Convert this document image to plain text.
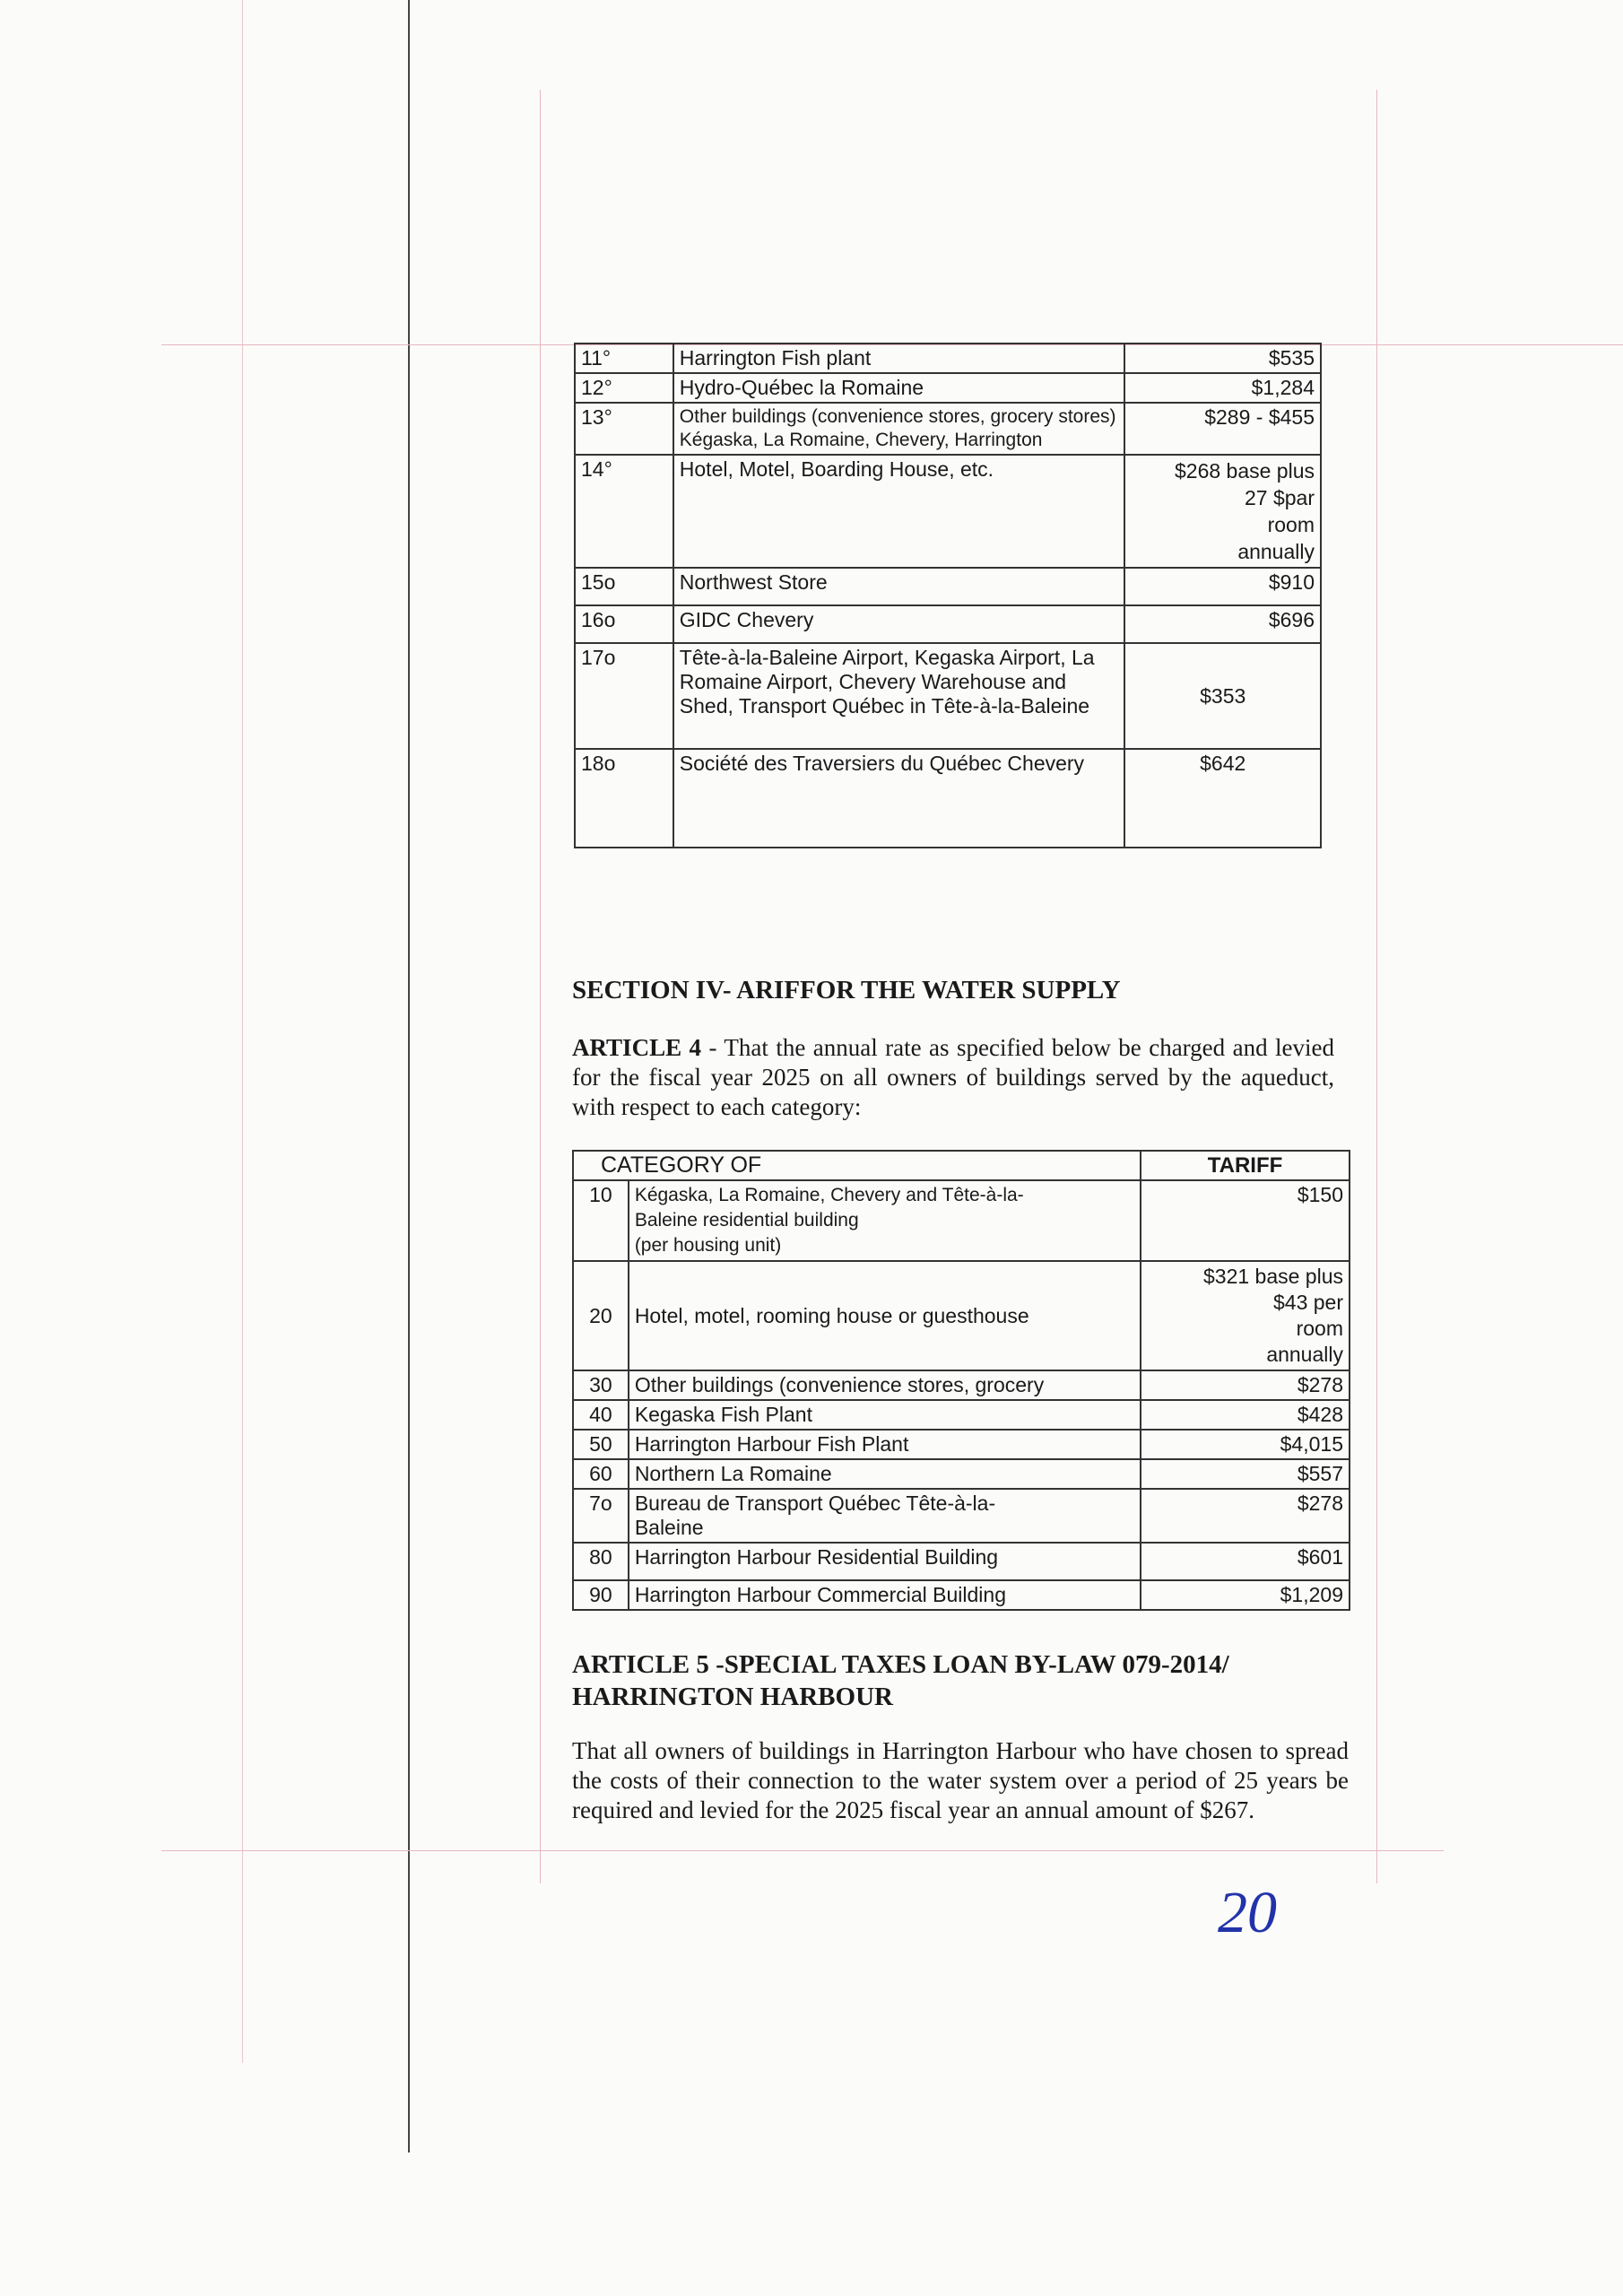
11°	Harrington Fish plant	$535
12°	Hydro-Québec la Romaine	$1,284
13°	Other buildings (convenience stores, grocery stores)
Kégaska, La Romaine, Chevery, Harrington	$289 - $455
14°	Hotel, Motel, Boarding House, etc.	$268 base plus
27 $par
room
annually

15o	Northwest Store	$910
16o	GIDC Chevery	$696
17o	Tête-à-la-Baleine Airport, Kegaska Airport, La Romaine Airport, Chevery Warehouse and Shed, Transport Québec in Tête-à-la-Baleine	$353
18o	Société des Traversiers du Québec Chevery	$642
SECTION IV- ARIFFOR THE WATER SUPPLY
ARTICLE 4 - That the annual rate as specified below be charged and levied for the fiscal year 2025 on all owners of buildings served by the aqueduct, with respect to each category:
CATEGORY OF		TARIFF
10	Kégaska, La Romaine, Chevery and Tête-à-la-Baleine residential building
(per housing unit)	$150
20	Hotel, motel, rooming house or guesthouse	$321 base plus
$43 per
room
annually

30	Other buildings (convenience stores, grocery	$278
40	Kegaska Fish Plant	$428
50	Harrington Harbour Fish Plant	$4,015
60	Northern La Romaine	$557
7o	Bureau de Transport Québec Tête-à-la-Baleine	$278
80	Harrington Harbour Residential Building	$601
90	Harrington Harbour Commercial Building	$1,209
ARTICLE 5 -SPECIAL TAXES LOAN BY-LAW 079-2014/
HARRINGTON HARBOUR
That all owners of buildings in Harrington Harbour who have chosen to spread the costs of their connection to the water system over a period of 25 years be required and levied for the 2025 fiscal year an annual amount of $267.
20
